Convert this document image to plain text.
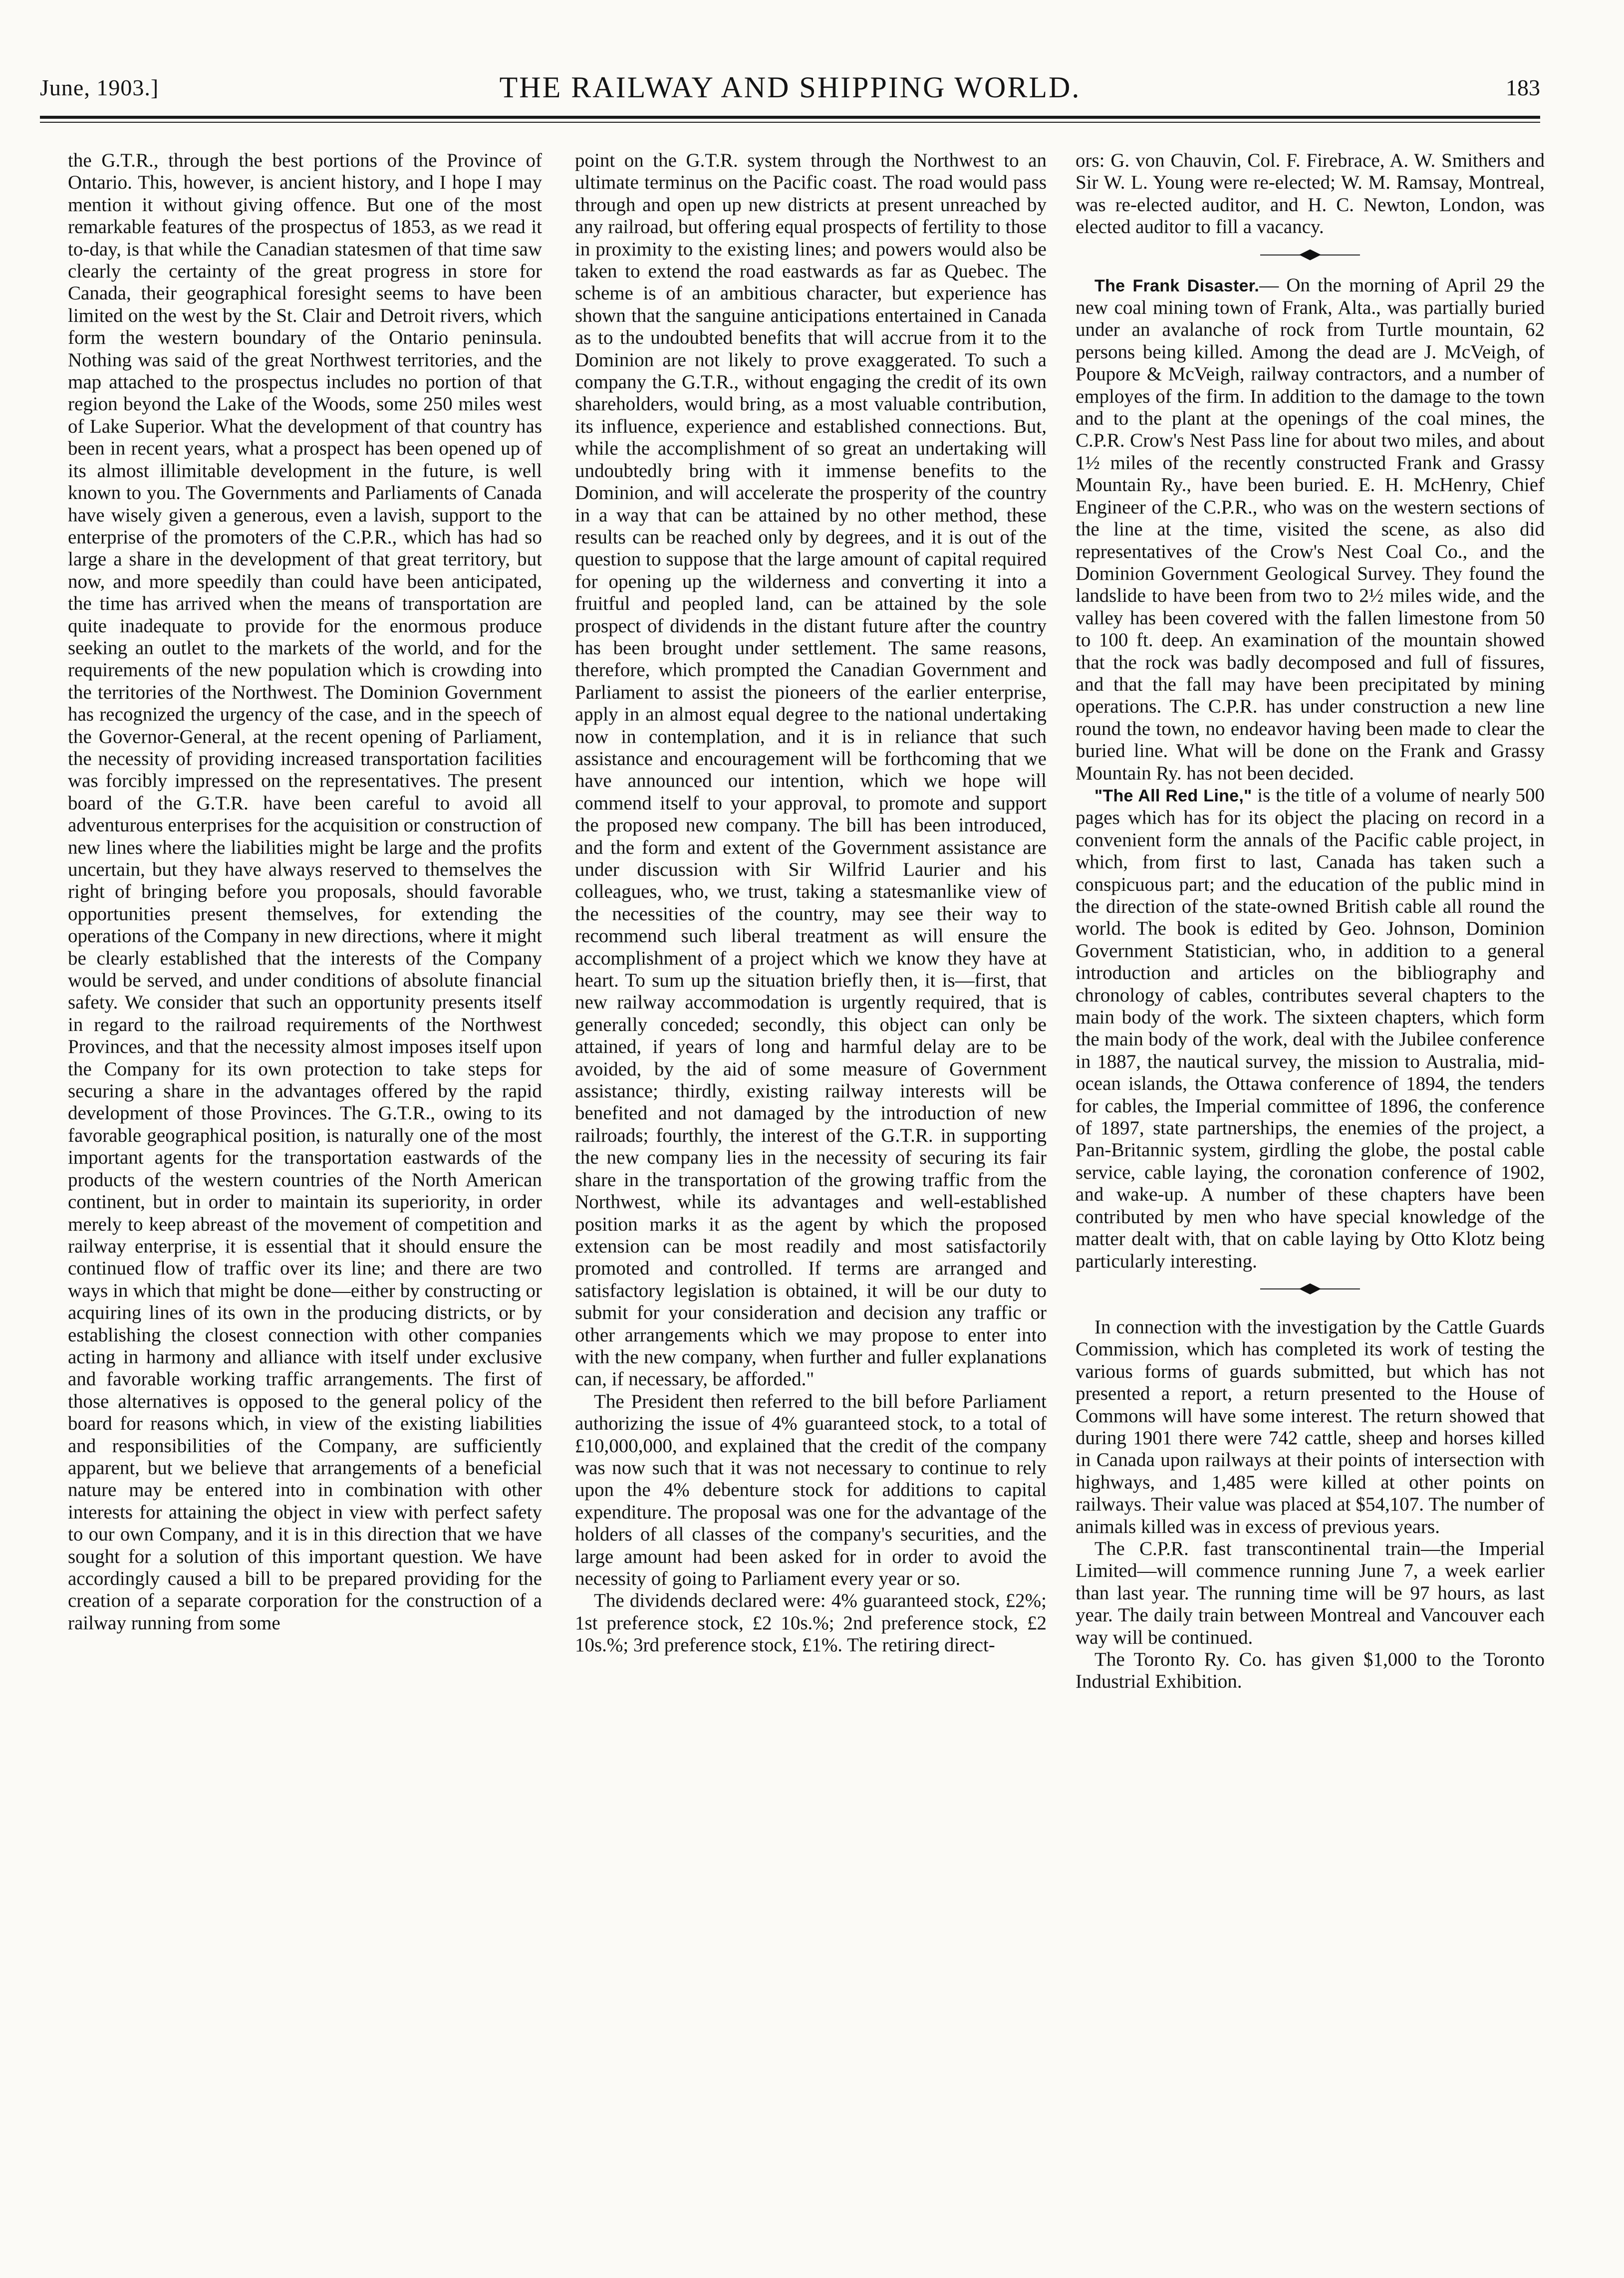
June, 1903.]	THE RAILWAY AND SHIPPING WORLD.	183

the G.T.R., through the best portions of the Province of Ontario. This, however, is ancient history, and I hope I may mention it without giving offence. But one of the most remarkable features of the prospectus of 1853, as we read it to-day, is that while the Canadian statesmen of that time saw clearly the certainty of the great progress in store for Canada, their geographical foresight seems to have been limited on the west by the St. Clair and Detroit rivers, which form the western boundary of the Ontario peninsula. Nothing was said of the great Northwest territories, and the map attached to the prospectus includes no portion of that region beyond the Lake of the Woods, some 250 miles west of Lake Superior. What the development of that country has been in recent years, what a prospect has been opened up of its almost illimitable development in the future, is well known to you. The Governments and Parliaments of Canada have wisely given a generous, even a lavish, support to the enterprise of the promoters of the C.P.R., which has had so large a share in the development of that great territory, but now, and more speedily than could have been anticipated, the time has arrived when the means of transportation are quite inadequate to provide for the enormous produce seeking an outlet to the markets of the world, and for the requirements of the new population which is crowding into the territories of the Northwest. The Dominion Government has recognized the urgency of the case, and in the speech of the Governor-General, at the recent opening of Parliament, the necessity of providing increased transportation facilities was forcibly impressed on the representatives. The present board of the G.T.R. have been careful to avoid all adventurous enterprises for the acquisition or construction of new lines where the liabilities might be large and the profits uncertain, but they have always reserved to themselves the right of bringing before you proposals, should favorable opportunities present themselves, for extending the operations of the Company in new directions, where it might be clearly established that the interests of the Company would be served, and under conditions of absolute financial safety. We consider that such an opportunity presents itself in regard to the railroad requirements of the Northwest Provinces, and that the necessity almost imposes itself upon the Company for its own protection to take steps for securing a share in the advantages offered by the rapid development of those Provinces. The G.T.R., owing to its favorable geographical position, is naturally one of the most important agents for the transportation eastwards of the products of the western countries of the North American continent, but in order to maintain its superiority, in order merely to keep abreast of the movement of competition and railway enterprise, it is essential that it should ensure the continued flow of traffic over its line; and there are two ways in which that might be done—either by constructing or acquiring lines of its own in the producing districts, or by establishing the closest connection with other companies acting in harmony and alliance with itself under exclusive and favorable working traffic arrangements. The first of those alternatives is opposed to the general policy of the board for reasons which, in view of the existing liabilities and responsibilities of the Company, are sufficiently apparent, but we believe that arrangements of a beneficial nature may be entered into in combination with other interests for attaining the object in view with perfect safety to our own Company, and it is in this direction that we have sought for a solution of this important question. We have accordingly caused a bill to be prepared providing for the creation of a separate corporation for the construction of a railway running from some

point on the G.T.R. system through the Northwest to an ultimate terminus on the Pacific coast. The road would pass through and open up new districts at present unreached by any railroad, but offering equal prospects of fertility to those in proximity to the existing lines; and powers would also be taken to extend the road eastwards as far as Quebec. The scheme is of an ambitious character, but experience has shown that the sanguine anticipations entertained in Canada as to the undoubted benefits that will accrue from it to the Dominion are not likely to prove exaggerated. To such a company the G.T.R., without engaging the credit of its own shareholders, would bring, as a most valuable contribution, its influence, experience and established connections. But, while the accomplishment of so great an undertaking will undoubtedly bring with it immense benefits to the Dominion, and will accelerate the prosperity of the country in a way that can be attained by no other method, these results can be reached only by degrees, and it is out of the question to suppose that the large amount of capital required for opening up the wilderness and converting it into a fruitful and peopled land, can be attained by the sole prospect of dividends in the distant future after the country has been brought under settlement. The same reasons, therefore, which prompted the Canadian Government and Parliament to assist the pioneers of the earlier enterprise, apply in an almost equal degree to the national undertaking now in contemplation, and it is in reliance that such assistance and encouragement will be forthcoming that we have announced our intention, which we hope will commend itself to your approval, to promote and support the proposed new company. The bill has been introduced, and the form and extent of the Government assistance are under discussion with Sir Wilfrid Laurier and his colleagues, who, we trust, taking a statesmanlike view of the necessities of the country, may see their way to recommend such liberal treatment as will ensure the accomplishment of a project which we know they have at heart. To sum up the situation briefly then, it is—first, that new railway accommodation is urgently required, that is generally conceded; secondly, this object can only be attained, if years of long and harmful delay are to be avoided, by the aid of some measure of Government assistance; thirdly, existing railway interests will be benefited and not damaged by the introduction of new railroads; fourthly, the interest of the G.T.R. in supporting the new company lies in the necessity of securing its fair share in the transportation of the growing traffic from the Northwest, while its advantages and well-established position marks it as the agent by which the proposed extension can be most readily and most satisfactorily promoted and controlled. If terms are arranged and satisfactory legislation is obtained, it will be our duty to submit for your consideration and decision any traffic or other arrangements which we may propose to enter into with the new company, when further and fuller explanations can, if necessary, be afforded."

The President then referred to the bill before Parliament authorizing the issue of 4% guaranteed stock, to a total of £10,000,000, and explained that the credit of the company was now such that it was not necessary to continue to rely upon the 4% debenture stock for additions to capital expenditure. The proposal was one for the advantage of the holders of all classes of the company's securities, and the large amount had been asked for in order to avoid the necessity of going to Parliament every year or so.

The dividends declared were: 4% guaranteed stock, £2%; 1st preference stock, £2 10s.%; 2nd preference stock, £2 10s.%; 3rd preference stock, £1%. The retiring direct-

ors: G. von Chauvin, Col. F. Firebrace, A. W. Smithers and Sir W. L. Young were re-elected; W. M. Ramsay, Montreal, was re-elected auditor, and H. C. Newton, London, was elected auditor to fill a vacancy.

The Frank Disaster.— On the morning of April 29 the new coal mining town of Frank, Alta., was partially buried under an avalanche of rock from Turtle mountain, 62 persons being killed. Among the dead are J. McVeigh, of Poupore & McVeigh, railway contractors, and a number of employes of the firm. In addition to the damage to the town and to the plant at the openings of the coal mines, the C.P.R. Crow's Nest Pass line for about two miles, and about 1½ miles of the recently constructed Frank and Grassy Mountain Ry., have been buried. E. H. McHenry, Chief Engineer of the C.P.R., who was on the western sections of the line at the time, visited the scene, as also did representatives of the Crow's Nest Coal Co., and the Dominion Government Geological Survey. They found the landslide to have been from two to 2½ miles wide, and the valley has been covered with the fallen limestone from 50 to 100 ft. deep. An examination of the mountain showed that the rock was badly decomposed and full of fissures, and that the fall may have been precipitated by mining operations. The C.P.R. has under construction a new line round the town, no endeavor having been made to clear the buried line. What will be done on the Frank and Grassy Mountain Ry. has not been decided.

"The All Red Line," is the title of a volume of nearly 500 pages which has for its object the placing on record in a convenient form the annals of the Pacific cable project, in which, from first to last, Canada has taken such a conspicuous part; and the education of the public mind in the direction of the state-owned British cable all round the world. The book is edited by Geo. Johnson, Dominion Government Statistician, who, in addition to a general introduction and articles on the bibliography and chronology of cables, contributes several chapters to the main body of the work. The sixteen chapters, which form the main body of the work, deal with the Jubilee conference in 1887, the nautical survey, the mission to Australia, mid-ocean islands, the Ottawa conference of 1894, the tenders for cables, the Imperial committee of 1896, the conference of 1897, state partnerships, the enemies of the project, a Pan-Britannic system, girdling the globe, the postal cable service, cable laying, the coronation conference of 1902, and wake-up. A number of these chapters have been contributed by men who have special knowledge of the matter dealt with, that on cable laying by Otto Klotz being particularly interesting.

In connection with the investigation by the Cattle Guards Commission, which has completed its work of testing the various forms of guards submitted, but which has not presented a report, a return presented to the House of Commons will have some interest. The return showed that during 1901 there were 742 cattle, sheep and horses killed in Canada upon railways at their points of intersection with highways, and 1,485 were killed at other points on railways. Their value was placed at $54,107. The number of animals killed was in excess of previous years.

The C.P.R. fast transcontinental train—the Imperial Limited—will commence running June 7, a week earlier than last year. The running time will be 97 hours, as last year. The daily train between Montreal and Vancouver each way will be continued.

The Toronto Ry. Co. has given $1,000 to the Toronto Industrial Exhibition.
